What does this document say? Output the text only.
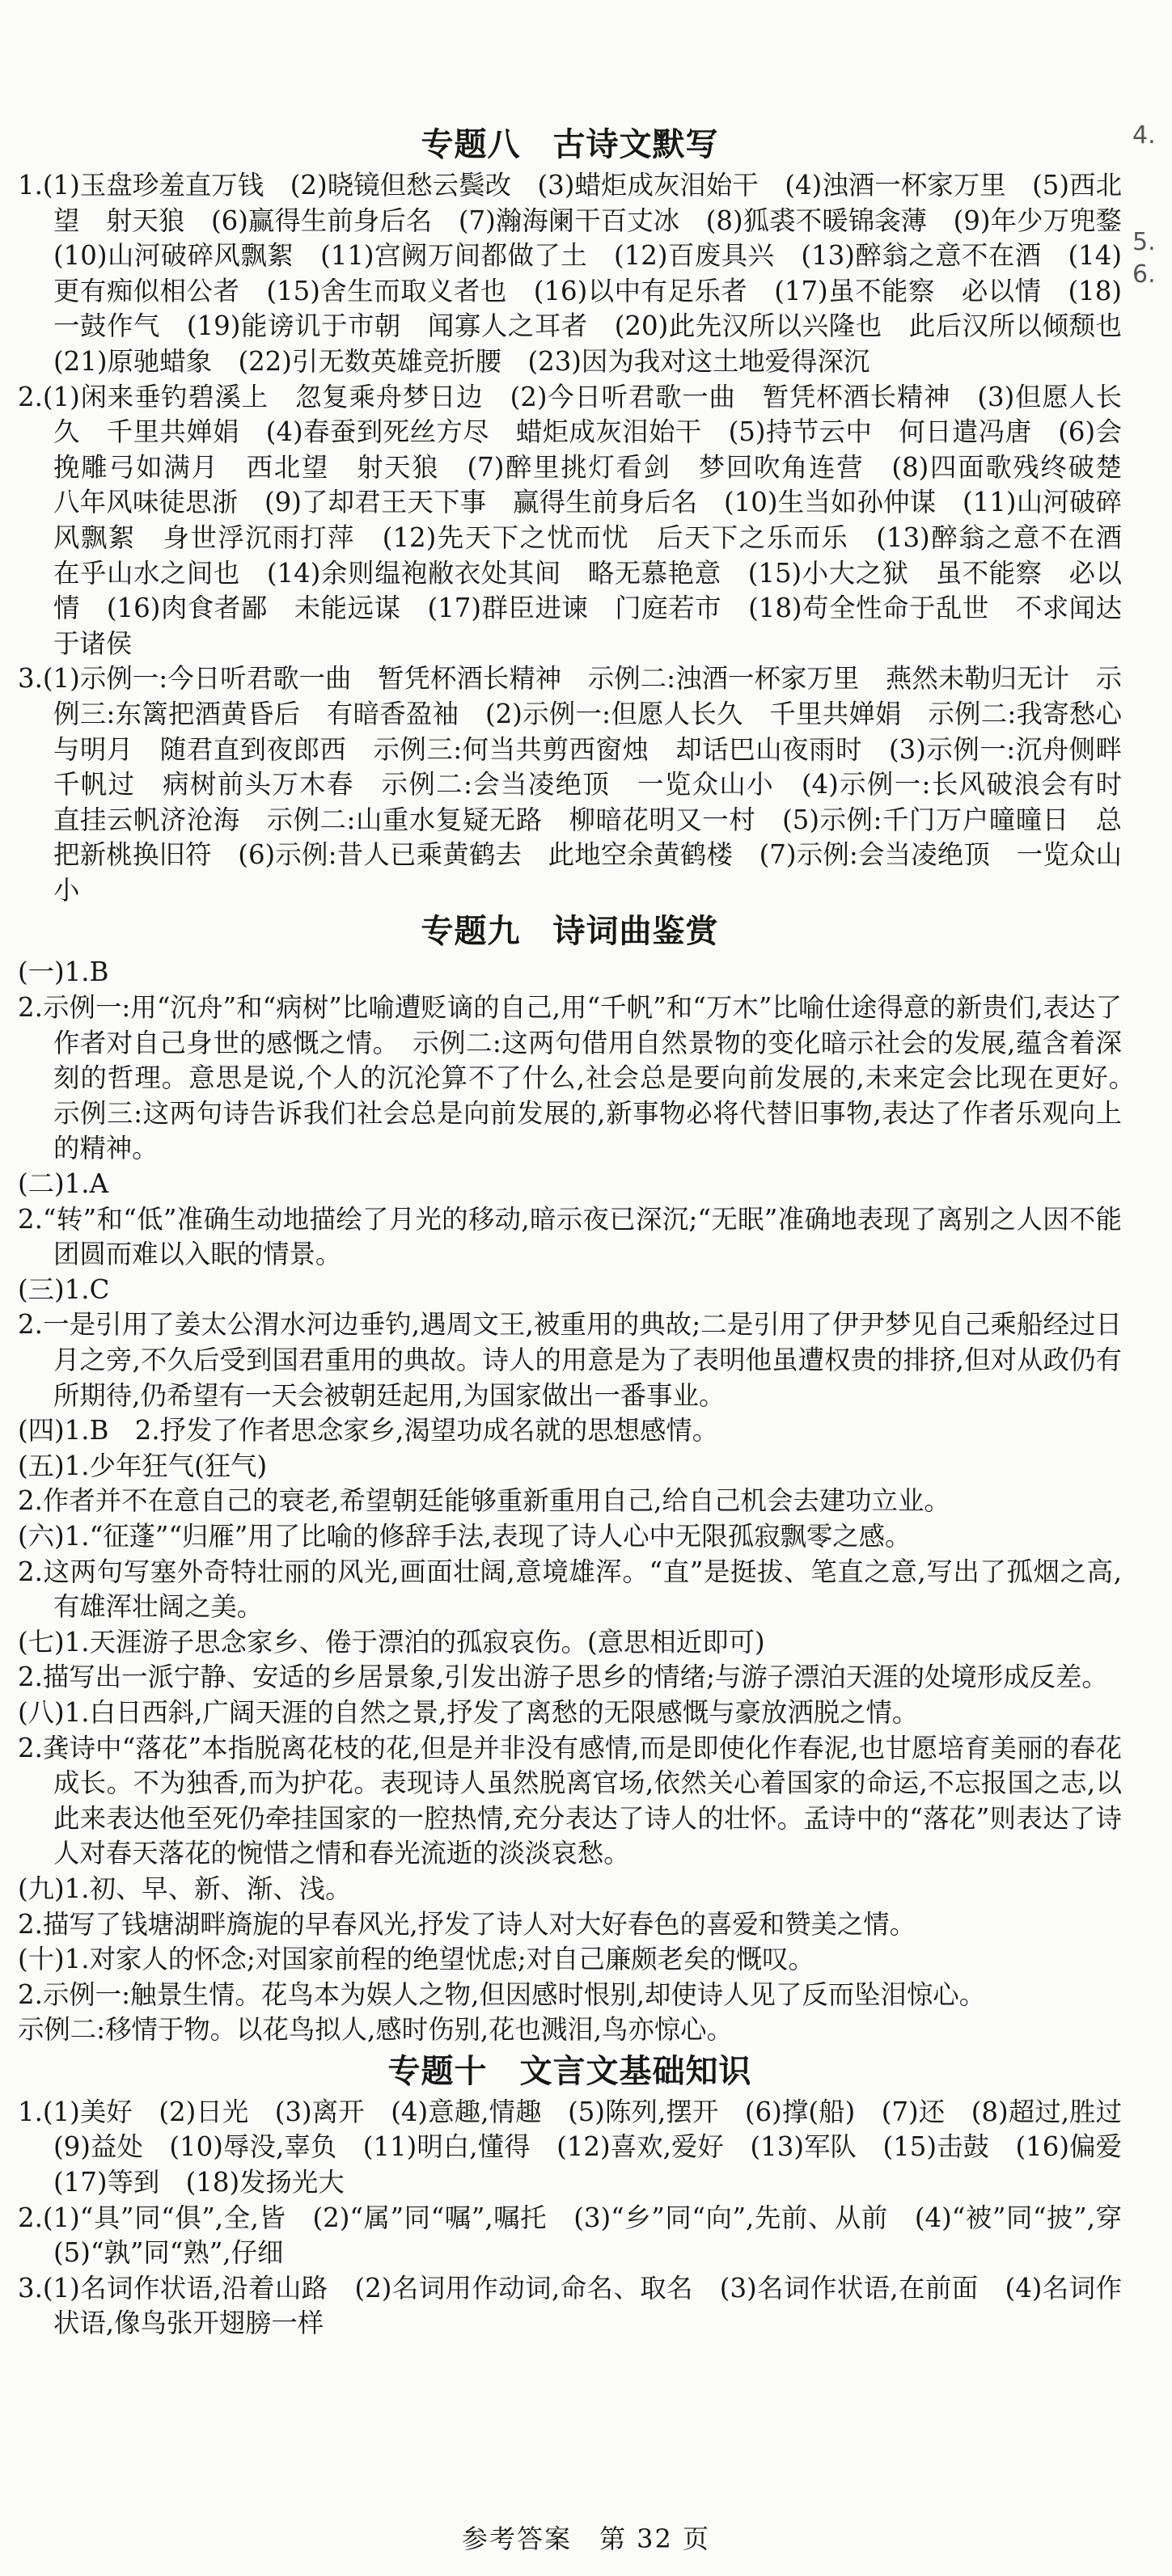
专题八 古诗文默写

1.(1)玉盘珍羞直万钱　(2)晓镜但愁云鬓改　(3)蜡炬成灰泪始干　(4)浊酒一杯家万里　(5)西北望　射天狼　(6)赢得生前身后名　(7)瀚海阑干百丈冰　(8)狐裘不暖锦衾薄　(9)年少万兜鍪　(10)山河破碎风飘絮　(11)宫阙万间都做了土　(12)百废具兴　(13)醉翁之意不在酒　(14)更有痴似相公者　(15)舍生而取义者也　(16)以中有足乐者　(17)虽不能察　必以情　(18)一鼓作气　(19)能谤讥于市朝　闻寡人之耳者　(20)此先汉所以兴隆也　此后汉所以倾颓也　(21)原驰蜡象　(22)引无数英雄竞折腰　(23)因为我对这土地爱得深沉

2.(1)闲来垂钓碧溪上　忽复乘舟梦日边　(2)今日听君歌一曲　暂凭杯酒长精神　(3)但愿人长久　千里共婵娟　(4)春蚕到死丝方尽　蜡炬成灰泪始干　(5)持节云中　何日遣冯唐　(6)会挽雕弓如满月　西北望　射天狼　(7)醉里挑灯看剑　梦回吹角连营　(8)四面歌残终破楚　八年风味徒思浙　(9)了却君王天下事　赢得生前身后名　(10)生当如孙仲谋　(11)山河破碎风飘絮　身世浮沉雨打萍　(12)先天下之忧而忧　后天下之乐而乐　(13)醉翁之意不在酒　在乎山水之间也　(14)余则缊袍敝衣处其间　略无慕艳意　(15)小大之狱　虽不能察　必以情　(16)肉食者鄙　未能远谋　(17)群臣进谏　门庭若市　(18)苟全性命于乱世　不求闻达于诸侯

3.(1)示例一:今日听君歌一曲　暂凭杯酒长精神　示例二:浊酒一杯家万里　燕然未勒归无计　示例三:东篱把酒黄昏后　有暗香盈袖　(2)示例一:但愿人长久　千里共婵娟　示例二:我寄愁心与明月　随君直到夜郎西　示例三:何当共剪西窗烛　却话巴山夜雨时　(3)示例一:沉舟侧畔千帆过　病树前头万木春　示例二:会当凌绝顶　一览众山小　(4)示例一:长风破浪会有时　直挂云帆济沧海　示例二:山重水复疑无路　柳暗花明又一村　(5)示例:千门万户曈曈日　总把新桃换旧符　(6)示例:昔人已乘黄鹤去　此地空余黄鹤楼　(7)示例:会当凌绝顶　一览众山小

专题九 诗词曲鉴赏

(一)1.B

2.示例一:用“沉舟”和“病树”比喻遭贬谪的自己,用“千帆”和“万木”比喻仕途得意的新贵们,表达了作者对自己身世的感慨之情。　示例二:这两句借用自然景物的变化暗示社会的发展,蕴含着深刻的哲理。意思是说,个人的沉沦算不了什么,社会总是要向前发展的,未来定会比现在更好。　示例三:这两句诗告诉我们社会总是向前发展的,新事物必将代替旧事物,表达了作者乐观向上的精神。

(二)1.A

2.“转”和“低”准确生动地描绘了月光的移动,暗示夜已深沉;“无眠”准确地表现了离别之人因不能团圆而难以入眠的情景。

(三)1.C

2.一是引用了姜太公渭水河边垂钓,遇周文王,被重用的典故;二是引用了伊尹梦见自己乘船经过日月之旁,不久后受到国君重用的典故。诗人的用意是为了表明他虽遭权贵的排挤,但对从政仍有所期待,仍希望有一天会被朝廷起用,为国家做出一番事业。

(四)1.B　2.抒发了作者思念家乡,渴望功成名就的思想感情。

(五)1.少年狂气(狂气)

2.作者并不在意自己的衰老,希望朝廷能够重新重用自己,给自己机会去建功立业。

(六)1.“征蓬”“归雁”用了比喻的修辞手法,表现了诗人心中无限孤寂飘零之感。

2.这两句写塞外奇特壮丽的风光,画面壮阔,意境雄浑。“直”是挺拔、笔直之意,写出了孤烟之高,有雄浑壮阔之美。

(七)1.天涯游子思念家乡、倦于漂泊的孤寂哀伤。(意思相近即可)

2.描写出一派宁静、安适的乡居景象,引发出游子思乡的情绪;与游子漂泊天涯的处境形成反差。

(八)1.白日西斜,广阔天涯的自然之景,抒发了离愁的无限感慨与豪放洒脱之情。

2.龚诗中“落花”本指脱离花枝的花,但是并非没有感情,而是即使化作春泥,也甘愿培育美丽的春花成长。不为独香,而为护花。表现诗人虽然脱离官场,依然关心着国家的命运,不忘报国之志,以此来表达他至死仍牵挂国家的一腔热情,充分表达了诗人的壮怀。孟诗中的“落花”则表达了诗人对春天落花的惋惜之情和春光流逝的淡淡哀愁。

(九)1.初、早、新、渐、浅。

2.描写了钱塘湖畔旖旎的早春风光,抒发了诗人对大好春色的喜爱和赞美之情。

(十)1.对家人的怀念;对国家前程的绝望忧虑;对自己廉颇老矣的慨叹。

2.示例一:触景生情。花鸟本为娱人之物,但因感时恨别,却使诗人见了反而坠泪惊心。

示例二:移情于物。以花鸟拟人,感时伤别,花也溅泪,鸟亦惊心。

专题十 文言文基础知识

1.(1)美好　(2)日光　(3)离开　(4)意趣,情趣　(5)陈列,摆开　(6)撑(船)　(7)还　(8)超过,胜过　(9)益处　(10)辱没,辜负　(11)明白,懂得　(12)喜欢,爱好　(13)军队　(15)击鼓　(16)偏爱　(17)等到　(18)发扬光大

2.(1)“具”同“俱”,全,皆　(2)“属”同“嘱”,嘱托　(3)“乡”同“向”,先前、从前　(4)“被”同“披”,穿　(5)“孰”同“熟”,仔细

3.(1)名词作状语,沿着山路　(2)名词用作动词,命名、取名　(3)名词作状语,在前面　(4)名词作状语,像鸟张开翅膀一样

参考答案　第 32 页
4.
5.
6.
